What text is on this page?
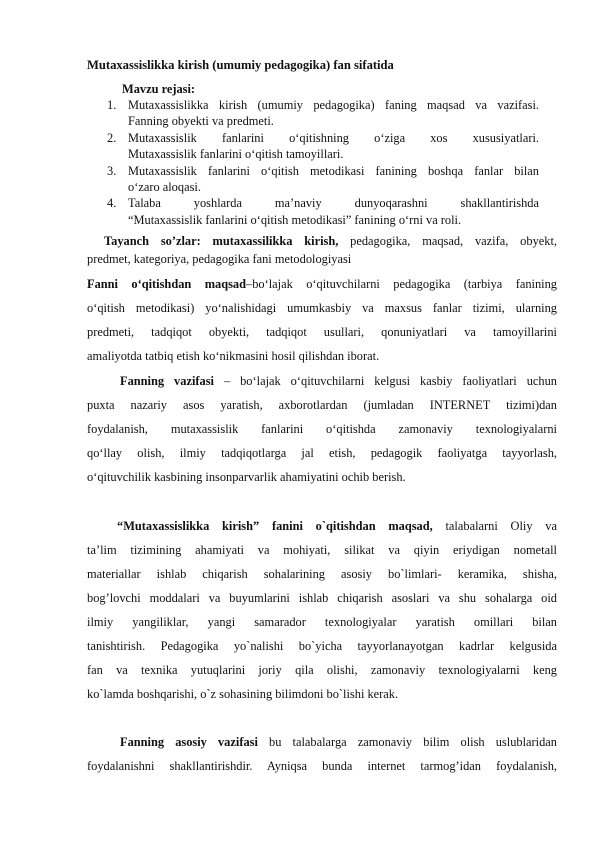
Mutaxassislikka kirish (umumiy pedagogika) fan sifatida
Mavzu rejasi:
1. Mutaxassislikka kirish (umumiy pedagogika) faning maqsad va vazifasi.
Fanning obyekti va predmeti.
2. Mutaxassislik fanlarini o‘qitishning o‘ziga xos xususiyatlari.
Mutaxassislik fanlarini o‘qitish tamoyillari.
3. Mutaxassislik fanlarini o‘qitish metodikasi fanining boshqa fanlar bilan
o‘zaro aloqasi.
4. Talaba yoshlarda ma’naviy dunyoqarashni shakllantirishda
“Mutaxassislik fanlarini o‘qitish metodikasi” fanining o‘rni va roli.
Tayanch so’zlar: mutaxassilikka kirish, pedagogika, maqsad, vazifa, obyekt,
predmet, kategoriya, pedagogika fani metodologiyasi
Fanni o‘qitishdan maqsad–bo‘lajak o‘qituvchilarni pedagogika (tarbiya fanining
o‘qitish metodikasi) yo‘nalishidagi umumkasbiy va maxsus fanlar tizimi, ularning
predmeti, tadqiqot obyekti, tadqiqot usullari, qonuniyatlari va tamoyillarini
amaliyotda tatbiq etish ko‘nikmasini hosil qilishdan iborat.
Fanning vazifasi – bo‘lajak o‘qituvchilarni kelgusi kasbiy faoliyatlari uchun
puxta nazariy asos yaratish, axborotlardan (jumladan INTERNET tizimi)dan
foydalanish, mutaxassislik fanlarini o‘qitishda zamonaviy texnologiyalarni
qo‘llay olish, ilmiy tadqiqotlarga jal etish, pedagogik faoliyatga tayyorlash,
o‘qituvchilik kasbining insonparvarlik ahamiyatini ochib berish.
“Mutaxassislikka kirish” fanini o`qitishdan maqsad, talabalarni Oliy va
ta’lim tizimining ahamiyati va mohiyati, silikat va qiyin eriydigan nometall
materiallar ishlab chiqarish sohalarining asosiy bo`limlari- keramika, shisha,
bog’lovchi moddalari va buyumlarini ishlab chiqarish asoslari va shu sohalarga oid
ilmiy yangiliklar, yangi samarador texnologiyalar yaratish omillari bilan
tanishtirish. Pedagogika yo`nalishi bo`yicha tayyorlanayotgan kadrlar kelgusida
fan va texnika yutuqlarini joriy qila olishi, zamonaviy texnologiyalarni keng
ko`lamda boshqarishi, o`z sohasining bilimdoni bo`lishi kerak.
Fanning asosiy vazifasi bu talabalarga zamonaviy bilim olish uslublaridan
foydalanishni shakllantirishdir. Ayniqsa bunda internet tarmog’idan foydalanish,
